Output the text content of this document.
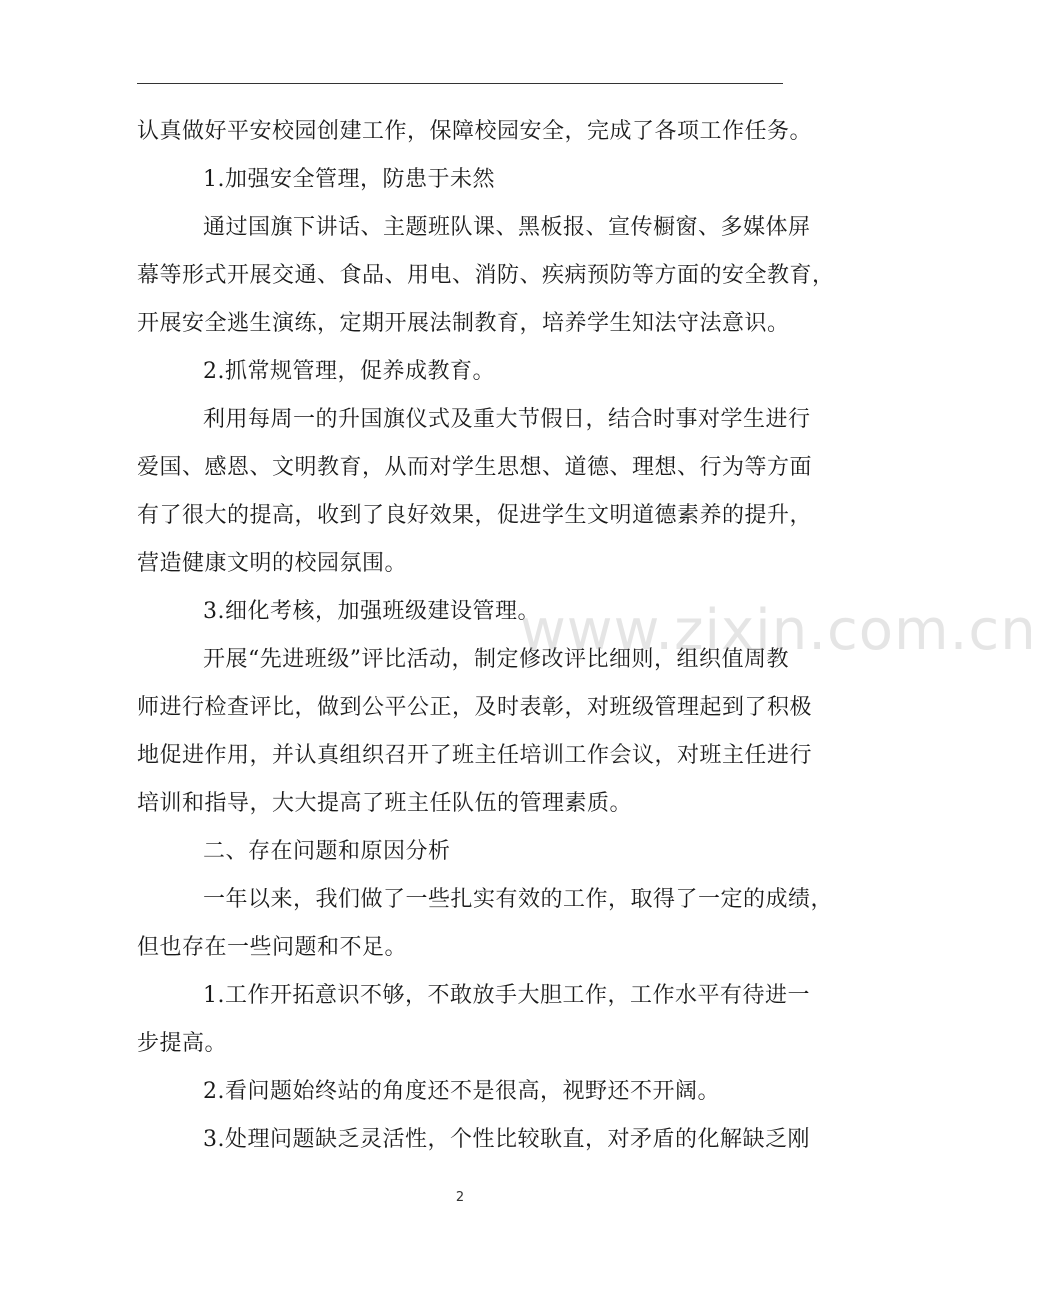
认真做好平安校园创建工作，保障校园安全，完成了各项工作任务。

1.加强安全管理，防患于未然

通过国旗下讲话、主题班队课、黑板报、宣传橱窗、多媒体屏

幕等形式开展交通、食品、用电、消防、疾病预防等方面的安全教育，
开展安全逃生演练，定期开展法制教育，培养学生知法守法意识。

2.抓常规管理，促养成教育。

利用每周一的升国旗仪式及重大节假日，结合时事对学生进行

爱国、感恩、文明教育，从而对学生思想、道德、理想、行为等方面
有了很大的提高，收到了良好效果，促进学生文明道德素养的提升，
营造健康文明的校园氛围。

3.细化考核，加强班级建设管理。

开展“先进班级”评比活动，制定修改评比细则，组织值周教

师进行检查评比，做到公平公正，及时表彰，对班级管理起到了积极
地促进作用，并认真组织召开了班主任培训工作会议，对班主任进行
培训和指导，大大提高了班主任队伍的管理素质。

二、存在问题和原因分析

一年以来，我们做了一些扎实有效的工作，取得了一定的成绩，

但也存在一些问题和不足。

1.工作开拓意识不够，不敢放手大胆工作，工作水平有待进一

步提高。

2.看问题始终站的角度还不是很高，视野还不开阔。

3.处理问题缺乏灵活性，个性比较耿直，对矛盾的化解缺乏刚

www.zixin.com.cn
2
